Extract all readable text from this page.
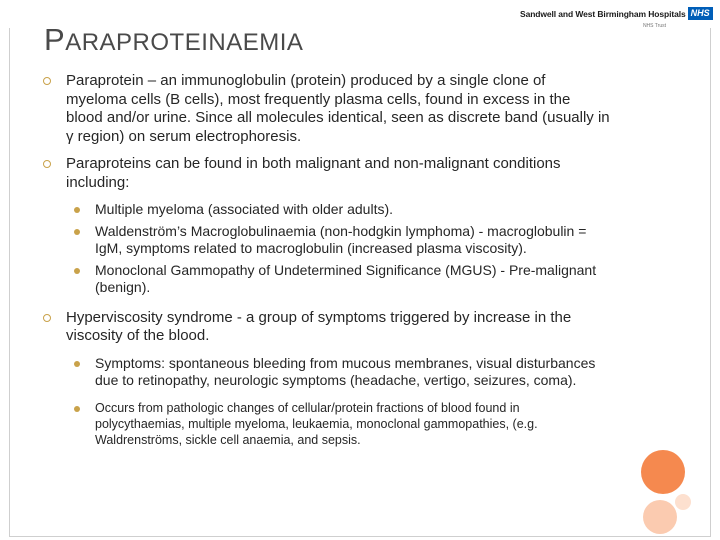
PARAPROTEINAEMIA
Sandwell and West Birmingham Hospitals NHS
NHS Trust
Paraprotein – an immunoglobulin (protein) produced by a single clone of myeloma cells (B cells), most frequently plasma cells, found in excess in the blood and/or urine. Since all molecules identical, seen as discrete band (usually in γ region) on serum electrophoresis.
Paraproteins can be found in both malignant and non-malignant conditions including:
Multiple myeloma (associated with older adults).
Waldenström’s Macroglobulinaemia (non-hodgkin lymphoma) - macroglobulin = IgM, symptoms related to macroglobulin (increased plasma viscosity).
Monoclonal Gammopathy of Undetermined Significance (MGUS) - Pre-malignant (benign).
Hyperviscosity syndrome - a group of symptoms triggered by increase in the viscosity of the blood.
Symptoms: spontaneous bleeding from mucous membranes, visual disturbances due to retinopathy, neurologic symptoms (headache, vertigo, seizures, coma).
Occurs from pathologic changes of cellular/protein fractions of blood found in polycythaemias, multiple myeloma, leukaemia, monoclonal gammopathies, (e.g. Waldrenströms, sickle cell anaemia, and sepsis.
